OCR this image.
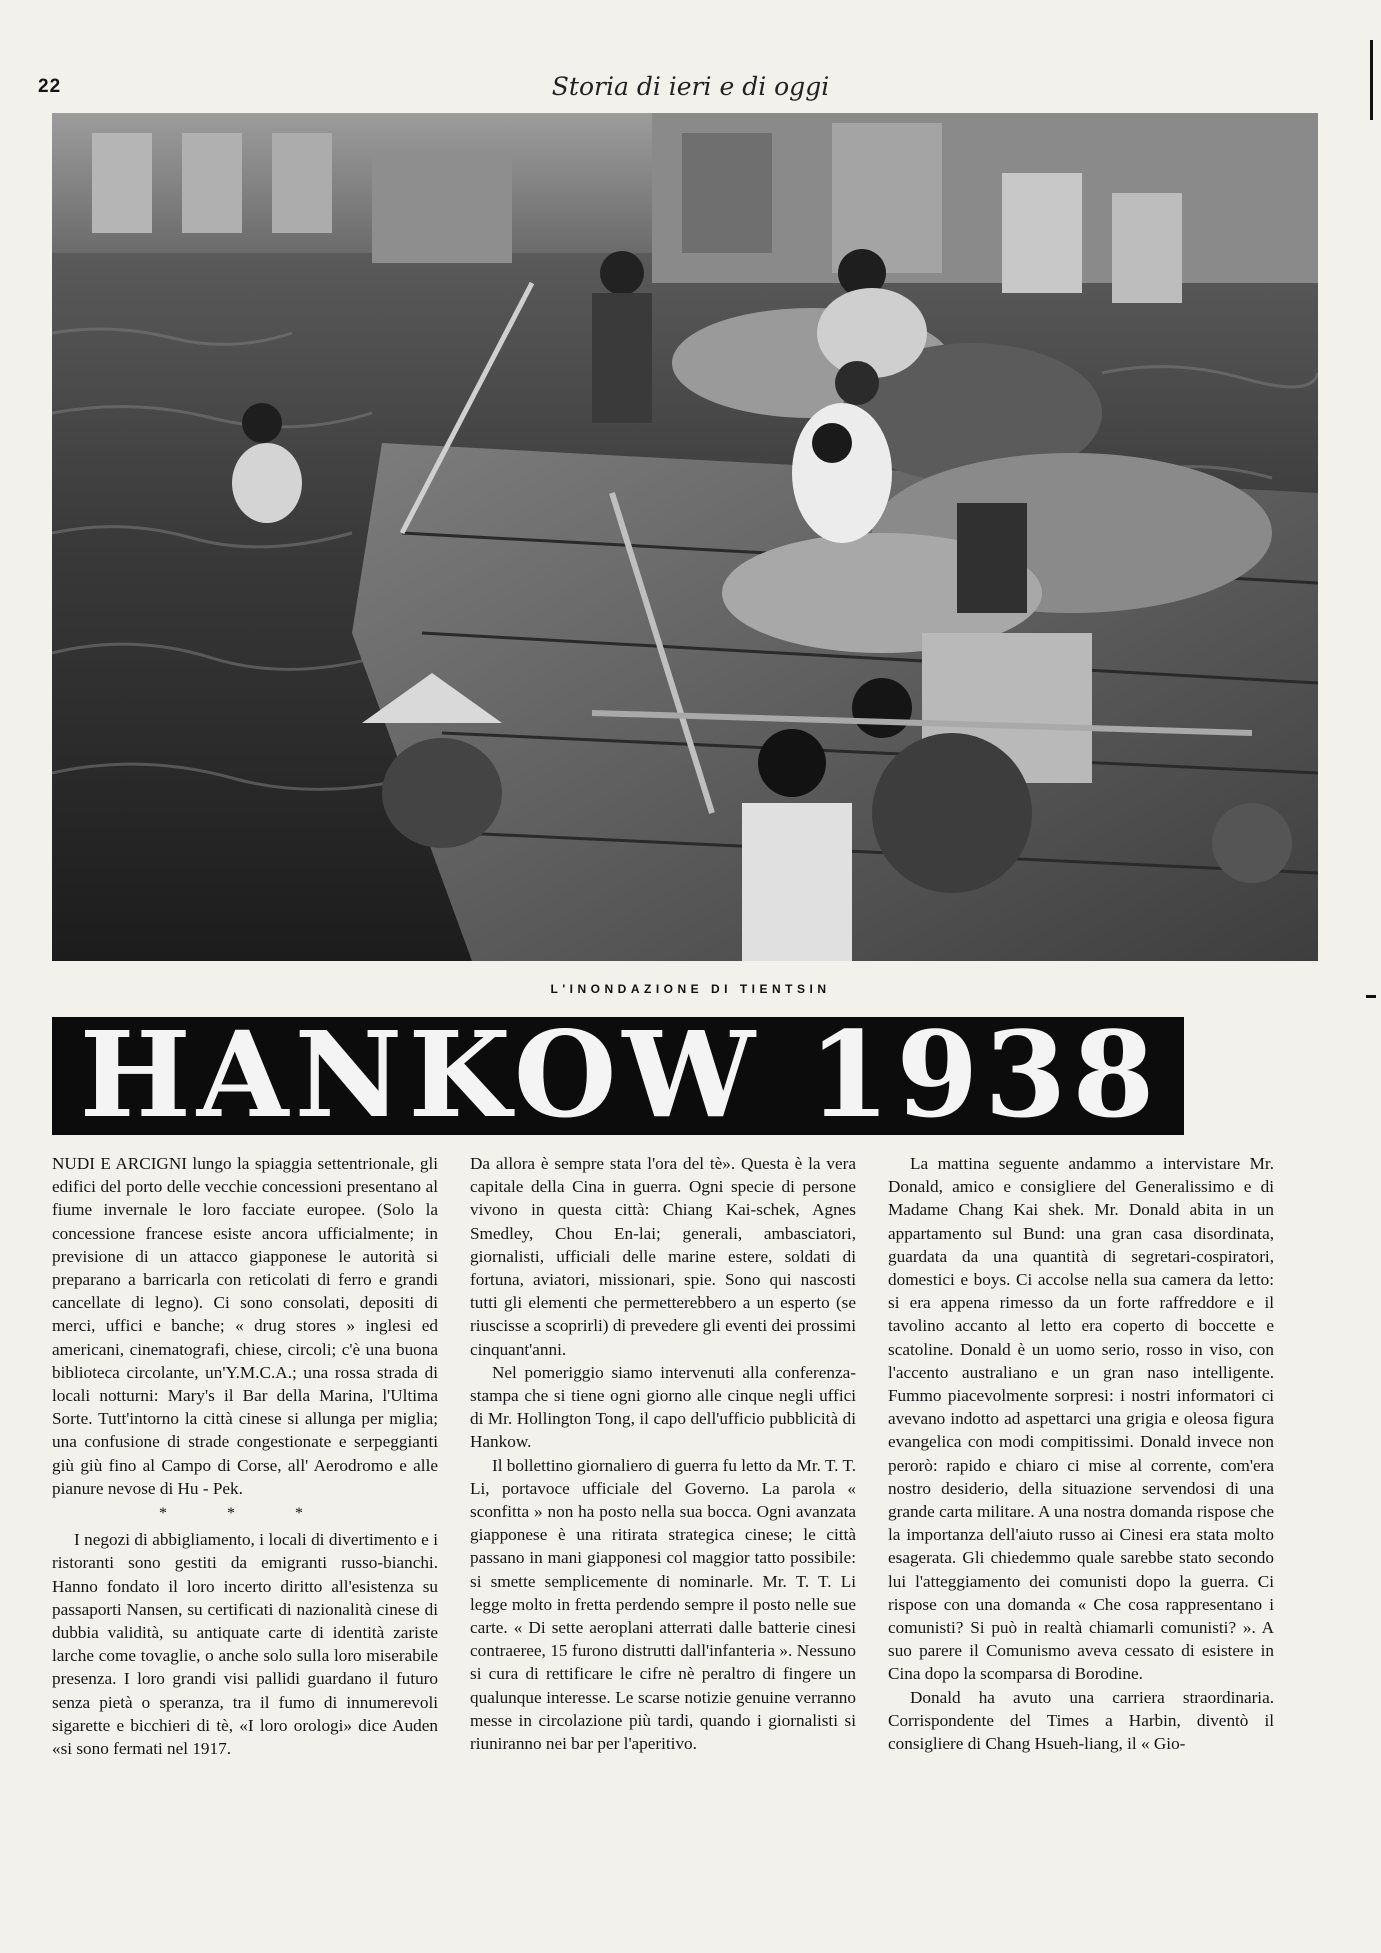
22	Storia di ieri e di oggi
L'INONDAZIONE DI TIENTSIN
HANKOW 1938

NUDI E ARCIGNI lungo la spiaggia settentrionale, gli edifici del porto delle vecchie concessioni presentano al fiume invernale le loro facciate europee. (Solo la concessione francese esiste ancora ufficialmente; in previsione di un attacco giapponese le autorità si preparano a barricarla con reticolati di ferro e grandi cancellate di legno). Ci sono consolati, depositi di merci, uffici e banche; « drug stores » inglesi ed americani, cinematografi, chiese, circoli; c'è una buona biblioteca circolante, un'Y.M.C.A.; una rossa strada di locali notturni: Mary's il Bar della Marina, l'Ultima Sorte. Tutt'intorno la città cinese si allunga per miglia; una confusione di strade congestionate e serpeggianti giù giù fino al Campo di Corse, all' Aerodromo e alle pianure nevose di Hu - Pek.

* * *

I negozi di abbigliamento, i locali di divertimento e i ristoranti sono gestiti da emigranti russo-bianchi. Hanno fondato il loro incerto diritto all'esistenza su passaporti Nansen, su certificati di nazionalità cinese di dubbia validità, su antiquate carte di identità zariste larche come tovaglie, o anche solo sulla loro miserabile presenza. I loro grandi visi pallidi guardano il futuro senza pietà o speranza, tra il fumo di innumerevoli sigarette e bicchieri di tè, «I loro orologi» dice Auden «si sono fermati nel 1917.

Da allora è sempre stata l'ora del tè». Questa è la vera capitale della Cina in guerra. Ogni specie di persone vivono in questa città: Chiang Kai-schek, Agnes Smedley, Chou En-lai; generali, ambasciatori, giornalisti, ufficiali delle marine estere, soldati di fortuna, aviatori, missionari, spie. Sono qui nascosti tutti gli elementi che permetterebbero a un esperto (se riuscisse a scoprirli) di prevedere gli eventi dei prossimi cinquant'anni.

Nel pomeriggio siamo intervenuti alla conferenza-stampa che si tiene ogni giorno alle cinque negli uffici di Mr. Hollington Tong, il capo dell'ufficio pubblicità di Hankow.

Il bollettino giornaliero di guerra fu letto da Mr. T. T. Li, portavoce ufficiale del Governo. La parola « sconfitta » non ha posto nella sua bocca. Ogni avanzata giapponese è una ritirata strategica cinese; le città passano in mani giapponesi col maggior tatto possibile: si smette semplicemente di nominarle. Mr. T. T. Li legge molto in fretta perdendo sempre il posto nelle sue carte. « Di sette aeroplani atterrati dalle batterie cinesi contraeree, 15 furono distrutti dall'infanteria ». Nessuno si cura di rettificare le cifre nè peraltro di fingere un qualunque interesse. Le scarse notizie genuine verranno messe in circolazione più tardi, quando i giornalisti si riuniranno nei bar per l'aperitivo.

La mattina seguente andammo a intervistare Mr. Donald, amico e consigliere del Generalissimo e di Madame Chang Kai shek. Mr. Donald abita in un appartamento sul Bund: una gran casa disordinata, guardata da una quantità di segretari-cospiratori, domestici e boys. Ci accolse nella sua camera da letto: si era appena rimesso da un forte raffreddore e il tavolino accanto al letto era coperto di boccette e scatoline. Donald è un uomo serio, rosso in viso, con l'accento australiano e un gran naso intelligente. Fummo piacevolmente sorpresi: i nostri informatori ci avevano indotto ad aspettarci una grigia e oleosa figura evangelica con modi compitissimi. Donald invece non perorò: rapido e chiaro ci mise al corrente, com'era nostro desiderio, della situazione servendosi di una grande carta militare. A una nostra domanda rispose che la importanza dell'aiuto russo ai Cinesi era stata molto esagerata. Gli chiedemmo quale sarebbe stato secondo lui l'atteggiamento dei comunisti dopo la guerra. Ci rispose con una domanda « Che cosa rappresentano i comunisti? Si può in realtà chiamarli comunisti? ». A suo parere il Comunismo aveva cessato di esistere in Cina dopo la scomparsa di Borodine.

Donald ha avuto una carriera straordinaria. Corrispondente del Times a Harbin, diventò il consigliere di Chang Hsueh-liang, il « Gio-
